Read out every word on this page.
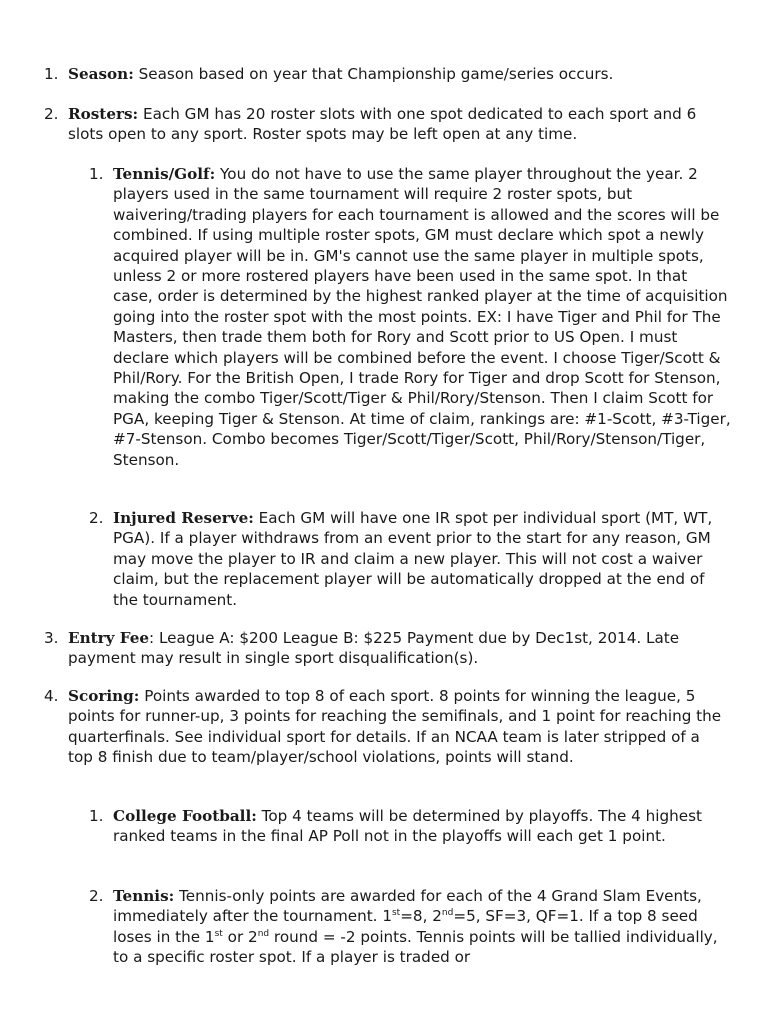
1. Season: Season based on year that Championship game/series occurs.

2. Rosters: Each GM has 20 roster slots with one spot dedicated to each sport and 6 slots open to any sport. Roster spots may be left open at any time.

1. Tennis/Golf: You do not have to use the same player throughout the year. 2 players used in the same tournament will require 2 roster spots, but waivering/trading players for each tournament is allowed and the scores will be combined. If using multiple roster spots, GM must declare which spot a newly acquired player will be in. GM's cannot use the same player in multiple spots, unless 2 or more rostered players have been used in the same spot. In that case, order is determined by the highest ranked player at the time of acquisition going into the roster spot with the most points. EX: I have Tiger and Phil for The Masters, then trade them both for Rory and Scott prior to US Open. I must declare which players will be combined before the event. I choose Tiger/Scott & Phil/Rory. For the British Open, I trade Rory for Tiger and drop Scott for Stenson, making the combo Tiger/Scott/Tiger & Phil/Rory/Stenson. Then I claim Scott for PGA, keeping Tiger & Stenson. At time of claim, rankings are: #1-Scott, #3-Tiger, #7-Stenson. Combo becomes Tiger/Scott/Tiger/Scott, Phil/Rory/Stenson/Tiger, Stenson.

2. Injured Reserve: Each GM will have one IR spot per individual sport (MT, WT, PGA). If a player withdraws from an event prior to the start for any reason, GM may move the player to IR and claim a new player. This will not cost a waiver claim, but the replacement player will be automatically dropped at the end of the tournament.

3. Entry Fee: League A: $200 League B: $225 Payment due by Dec1st, 2014. Late payment may result in single sport disqualification(s).

4. Scoring: Points awarded to top 8 of each sport. 8 points for winning the league, 5 points for runner-up, 3 points for reaching the semifinals, and 1 point for reaching the quarterfinals. See individual sport for details. If an NCAA team is later stripped of a top 8 finish due to team/player/school violations, points will stand.

1. College Football: Top 4 teams will be determined by playoffs. The 4 highest ranked teams in the final AP Poll not in the playoffs will each get 1 point.

2. Tennis: Tennis-only points are awarded for each of the 4 Grand Slam Events, immediately after the tournament. 1st=8, 2nd=5, SF=3, QF=1. If a top 8 seed loses in the 1st or 2nd round = -2 points. Tennis points will be tallied individually, to a specific roster spot. If a player is traded or
